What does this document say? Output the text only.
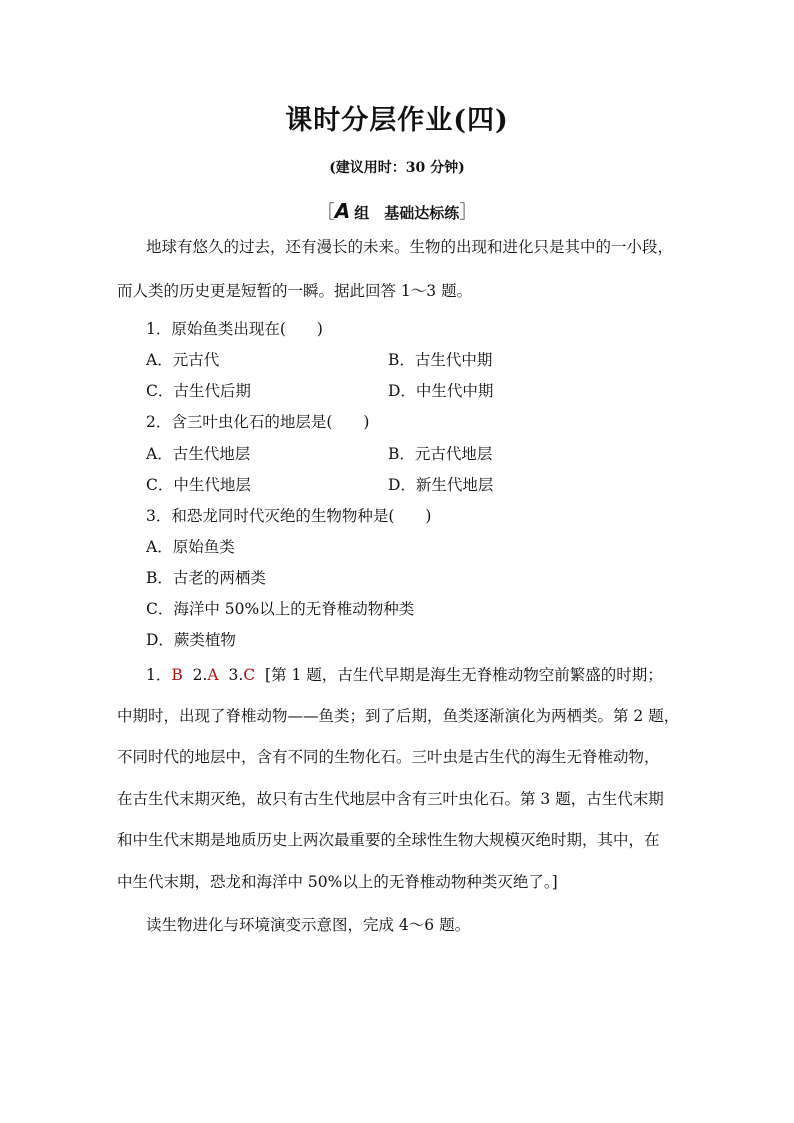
课时分层作业(四)
(建议用时：30 分钟)
［A 组　基础达标练］
地球有悠久的过去，还有漫长的未来。生物的出现和进化只是其中的一小段，
而人类的历史更是短暂的一瞬。据此回答 1～3 题。
1．原始鱼类出现在(　　)
A．元古代	B．古生代中期
C．古生代后期	D．中生代中期
2．含三叶虫化石的地层是(　　)
A．古生代地层	B．元古代地层
C．中生代地层	D．新生代地层
3．和恐龙同时代灭绝的生物物种是(　　)
A．原始鱼类
B．古老的两栖类
C．海洋中 50%以上的无脊椎动物种类
D．蕨类植物
1．B 2.A 3.C [第 1 题，古生代早期是海生无脊椎动物空前繁盛的时期；
中期时，出现了脊椎动物——鱼类；到了后期，鱼类逐渐演化为两栖类。第 2 题，
不同时代的地层中，含有不同的生物化石。三叶虫是古生代的海生无脊椎动物，
在古生代末期灭绝，故只有古生代地层中含有三叶虫化石。第 3 题，古生代末期
和中生代末期是地质历史上两次最重要的全球性生物大规模灭绝时期，其中，在
中生代末期，恐龙和海洋中 50%以上的无脊椎动物种类灭绝了。]
读生物进化与环境演变示意图，完成 4～6 题。
